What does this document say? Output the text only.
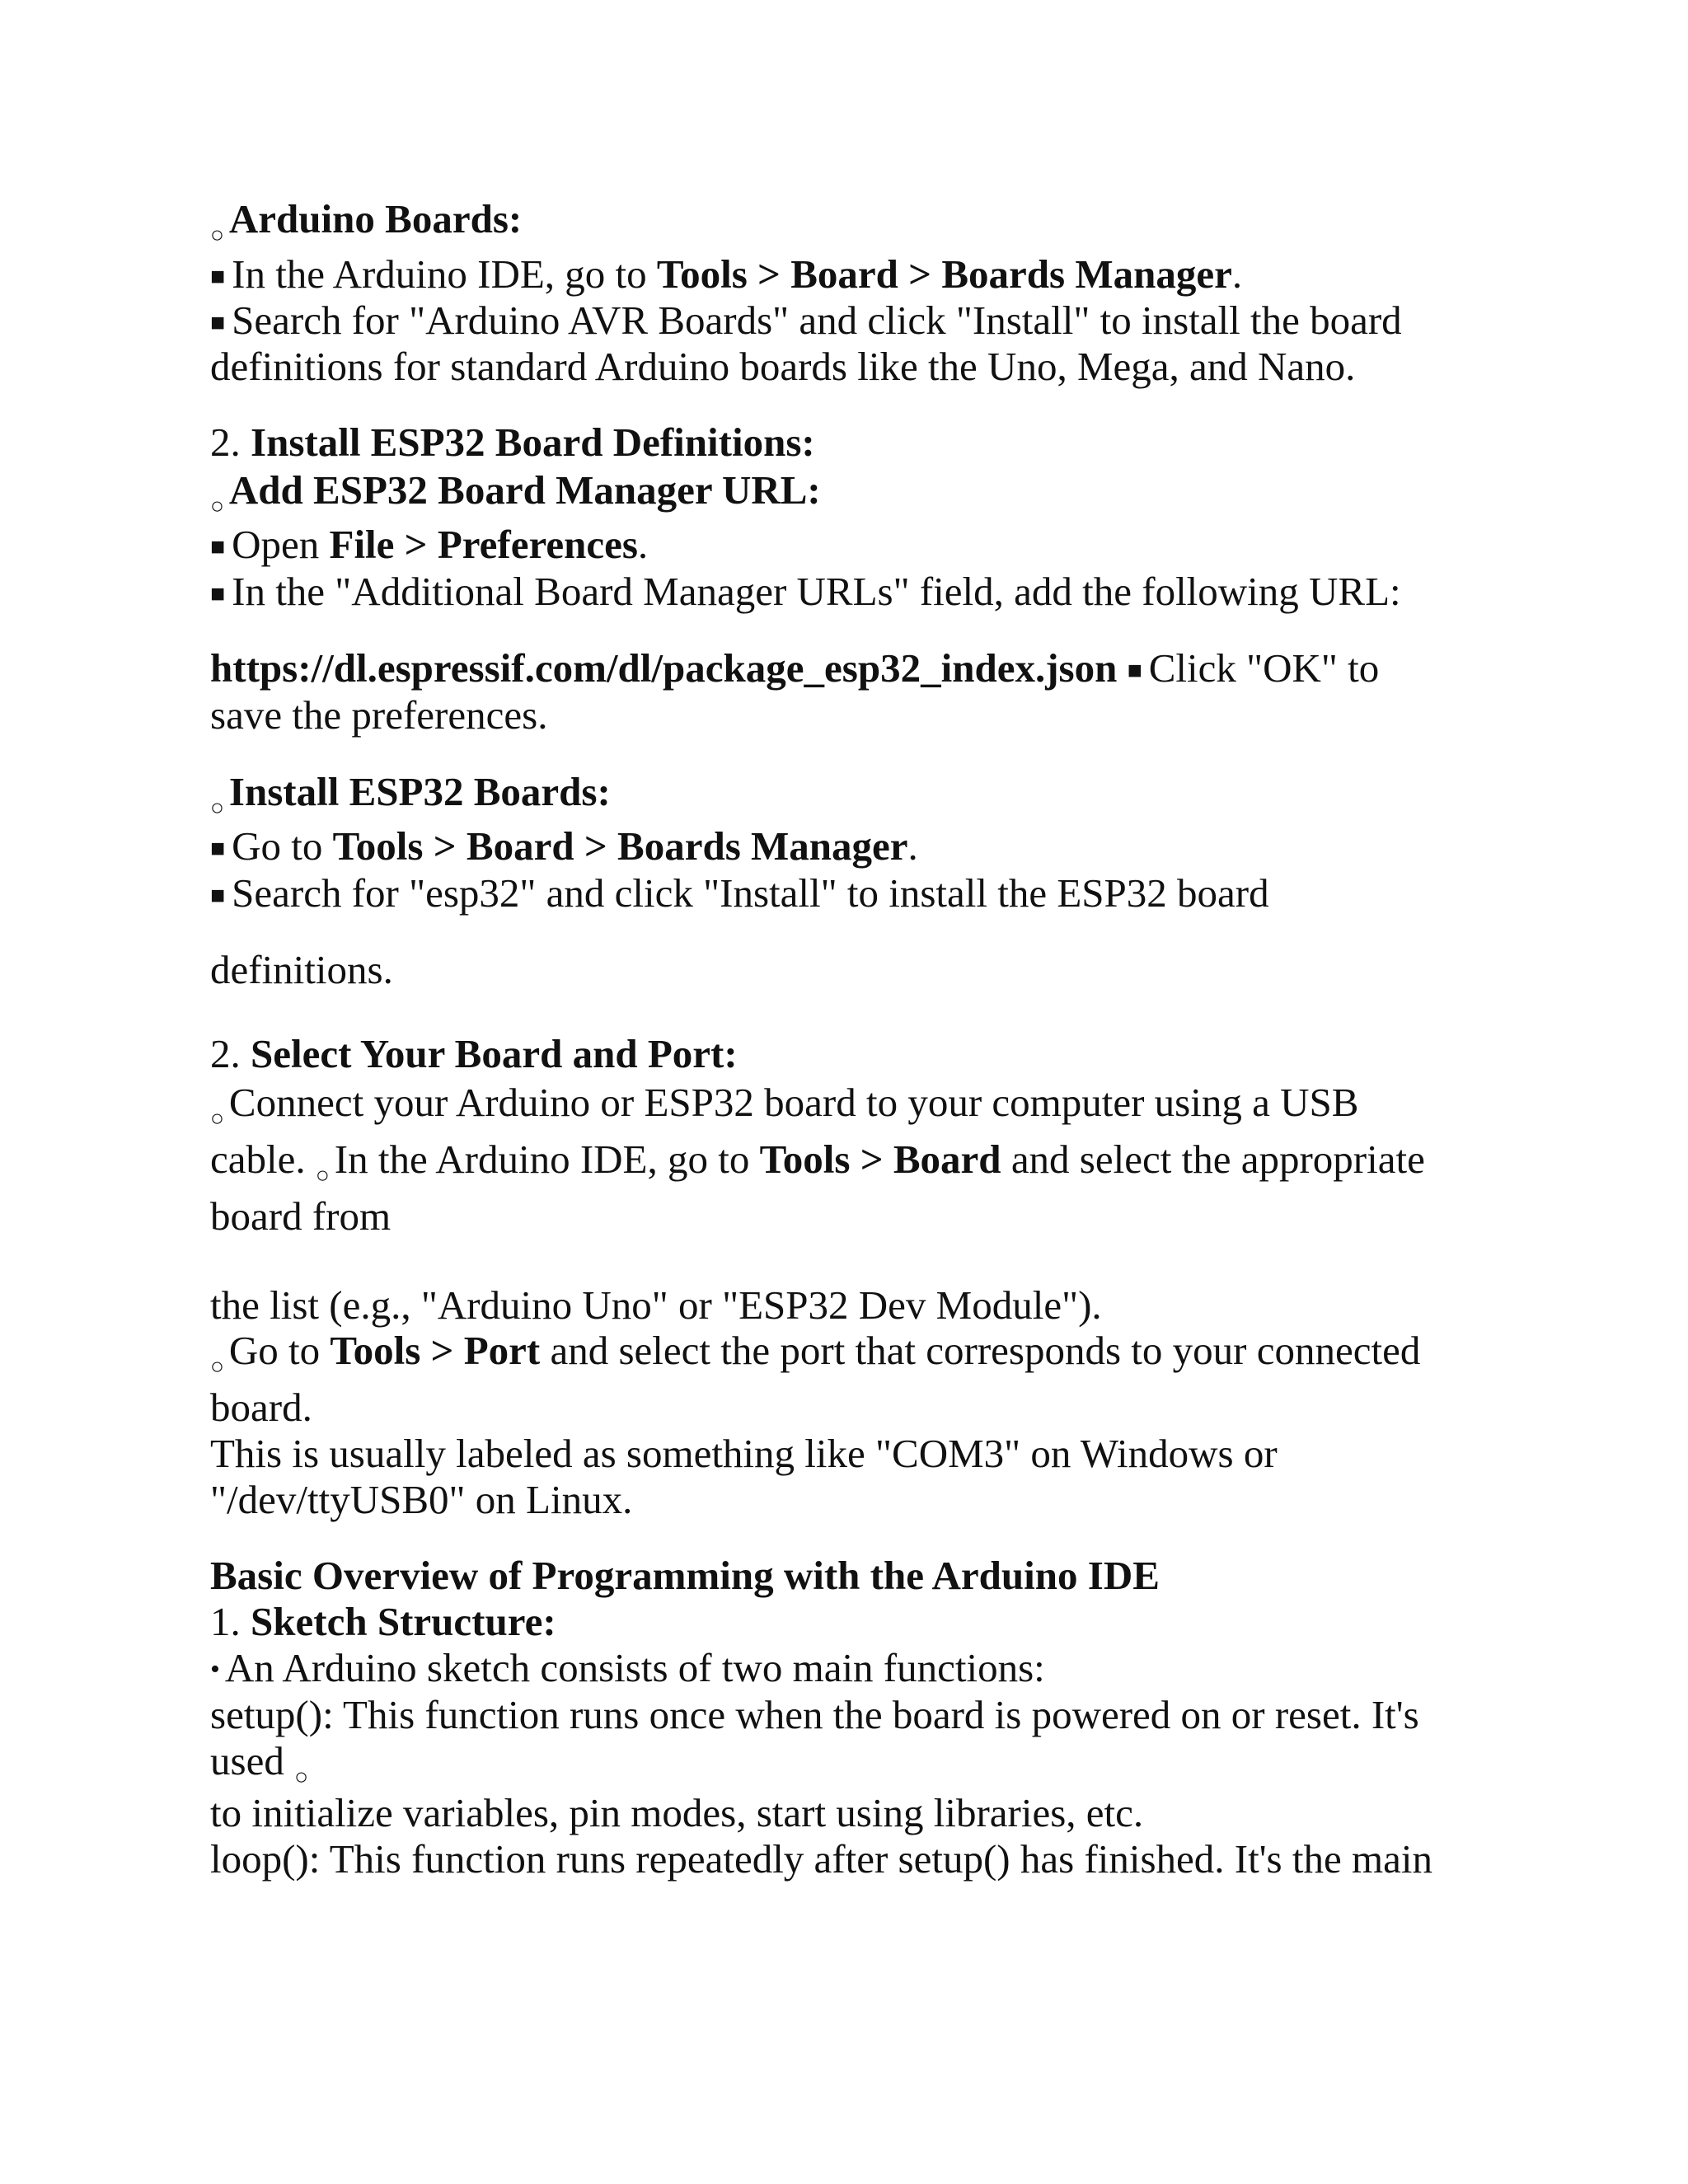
$_○$ Arduino Boards:

■ In the Arduino IDE, go to Tools > Board > Boards Manager.

■ Search for "Arduino AVR Boards" and click "Install" to install the board

definitions for standard Arduino boards like the Uno, Mega, and Nano.

2. Install ESP32 Board Definitions:

$_○$ Add ESP32 Board Manager URL:

■ Open File > Preferences.

■ In the "Additional Board Manager URLs" field, add the following URL:

https://dl.espressif.com/dl/package_esp32_index.json ■ Click "OK" to

save the preferences.

$_○$ Install ESP32 Boards:

■ Go to Tools > Board > Boards Manager.

■ Search for "esp32" and click "Install" to install the ESP32 board

definitions.

2. Select Your Board and Port:

$_○$ Connect your Arduino or ESP32 board to your computer using a USB

cable. $_○$ In the Arduino IDE, go to Tools > Board and select the appropriate

board from

the list (e.g., "Arduino Uno" or "ESP32 Dev Module").

$_○$ Go to Tools > Port and select the port that corresponds to your connected

board.

This is usually labeled as something like "COM3" on Windows or

"/dev/ttyUSB0" on Linux.

Basic Overview of Programming with the Arduino IDE

1. Sketch Structure:

• An Arduino sketch consists of two main functions:

setup(): This function runs once when the board is powered on or reset. It's

used $_○$

to initialize variables, pin modes, start using libraries, etc.

loop(): This function runs repeatedly after setup() has finished. It's the main
